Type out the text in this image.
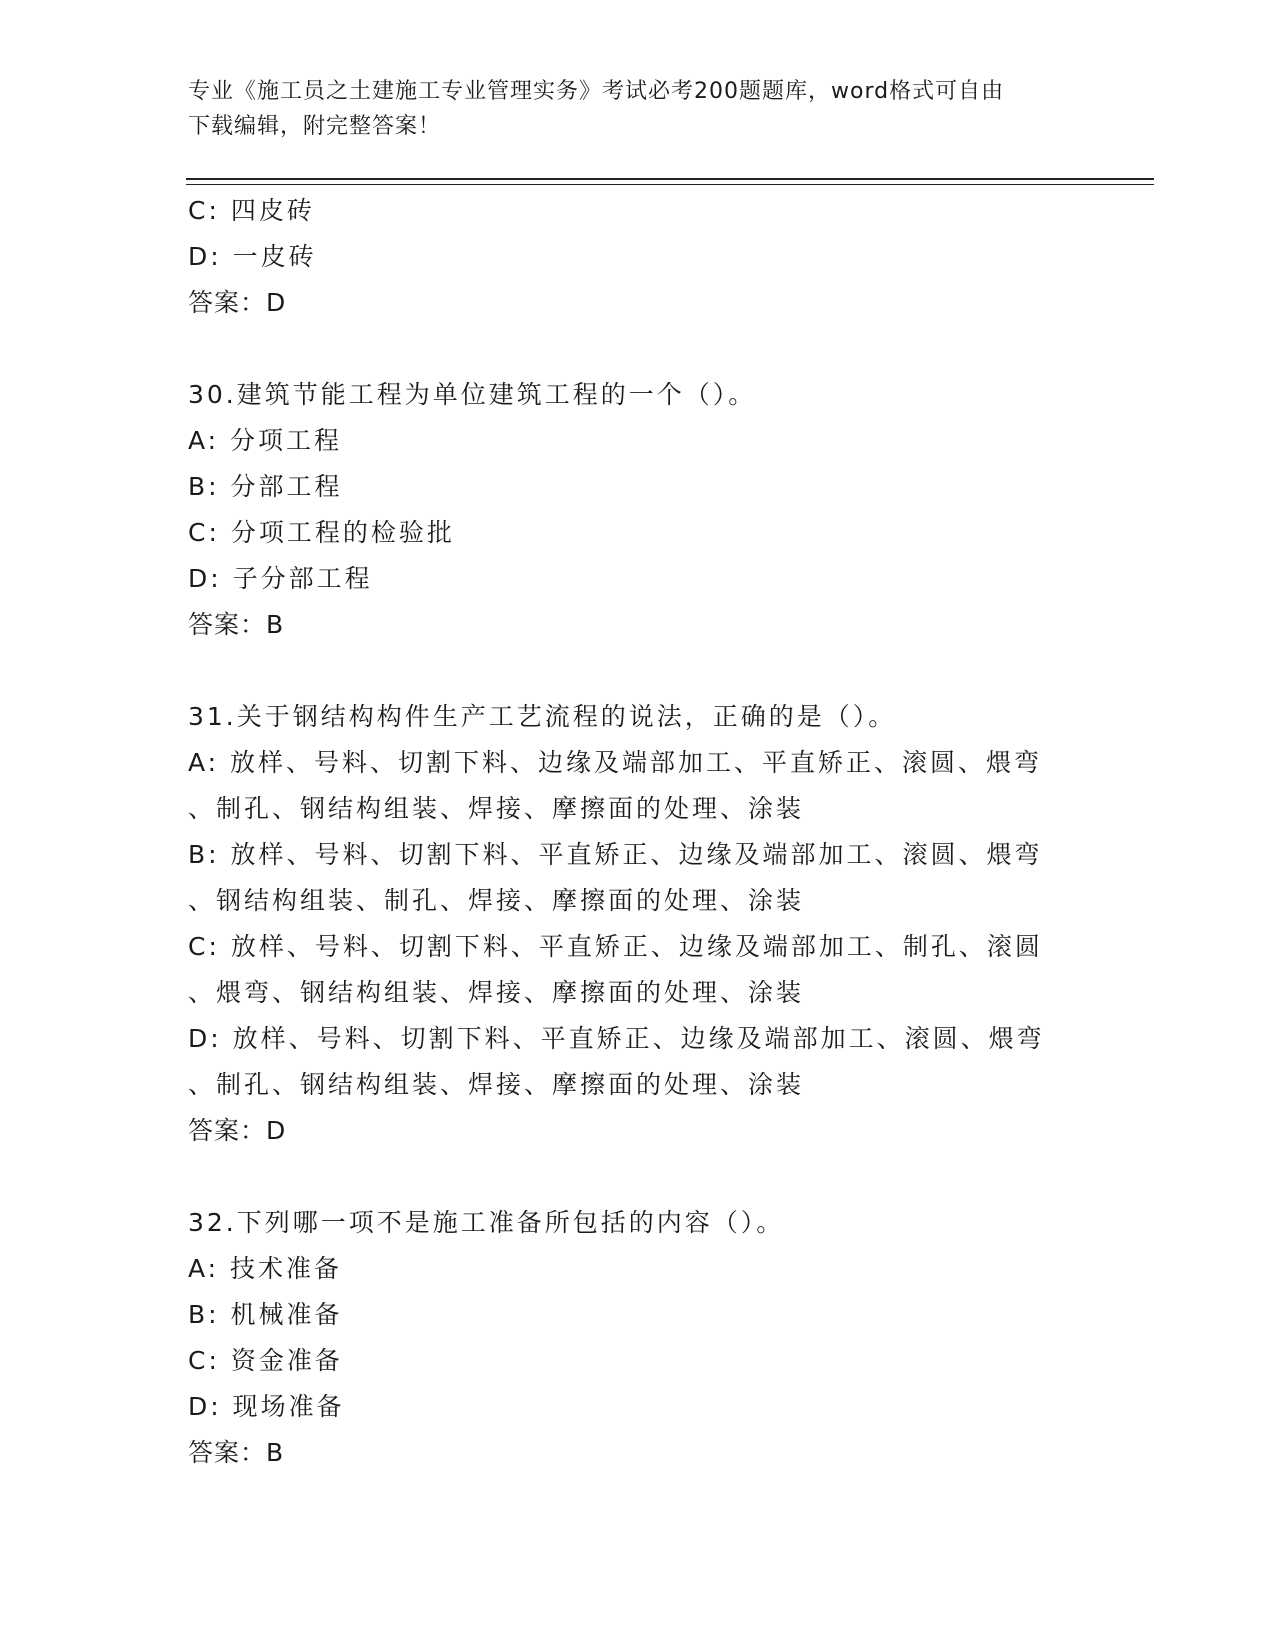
专业《施工员之土建施工专业管理实务》考试必考200题题库，word格式可自由
下载编辑，附完整答案！
C: 四皮砖
D: 一皮砖
答案：D
30.建筑节能工程为单位建筑工程的一个（）。
A: 分项工程
B: 分部工程
C: 分项工程的检验批
D: 子分部工程
答案：B
31.关于钢结构构件生产工艺流程的说法，正确的是（）。
A: 放样、号料、切割下料、边缘及端部加工、平直矫正、滚圆、煨弯
、制孔、钢结构组装、焊接、摩擦面的处理、涂装
B: 放样、号料、切割下料、平直矫正、边缘及端部加工、滚圆、煨弯
、钢结构组装、制孔、焊接、摩擦面的处理、涂装
C: 放样、号料、切割下料、平直矫正、边缘及端部加工、制孔、滚圆
、煨弯、钢结构组装、焊接、摩擦面的处理、涂装
D: 放样、号料、切割下料、平直矫正、边缘及端部加工、滚圆、煨弯
、制孔、钢结构组装、焊接、摩擦面的处理、涂装
答案：D
32.下列哪一项不是施工准备所包括的内容（）。
A: 技术准备
B: 机械准备
C: 资金准备
D: 现场准备
答案：B
